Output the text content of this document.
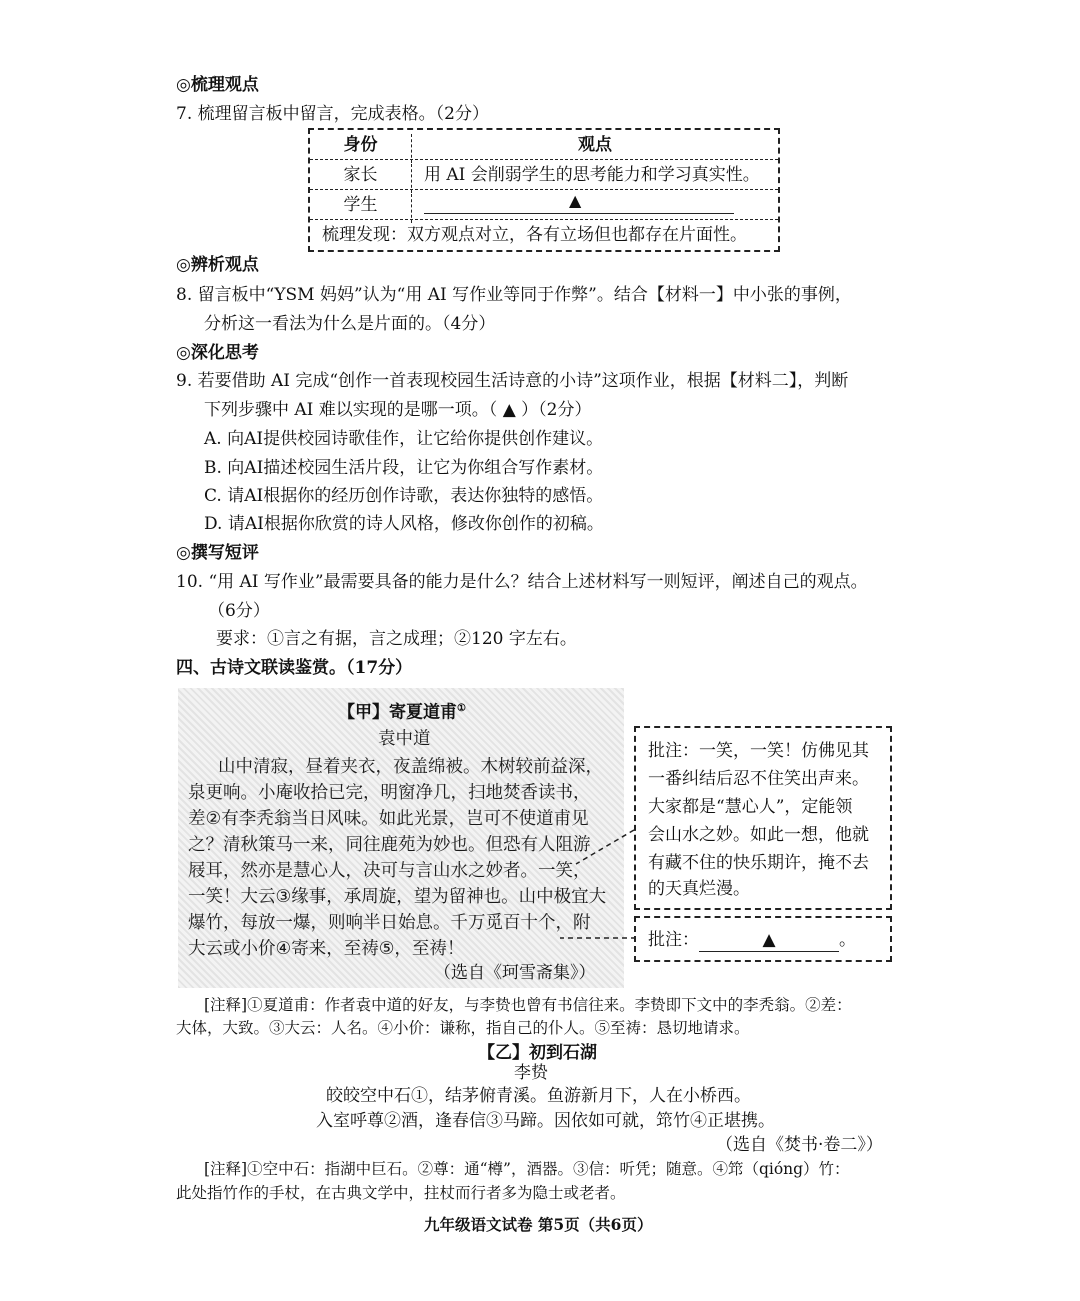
◎梳理观点
7. 梳理留言板中留言，完成表格。（2分）
身份	观点
家长	用 AI 会削弱学生的思考能力和学习真实性。
学生	▲
梳理发现：双方观点对立，各有立场但也都存在片面性。
◎辨析观点
8. 留言板中“YSM 妈妈”认为“用 AI 写作业等同于作弊”。结合【材料一】中小张的事例，
分析这一看法为什么是片面的。（4分）
◎深化思考
9. 若要借助 AI 完成“创作一首表现校园生活诗意的小诗”这项作业，根据【材料二】，判断
下列步骤中 AI 难以实现的是哪一项。（ ▲ ）（2分）
A. 向AI提供校园诗歌佳作，让它给你提供创作建议。
B. 向AI描述校园生活片段，让它为你组合写作素材。
C. 请AI根据你的经历创作诗歌，表达你独特的感悟。
D. 请AI根据你欣赏的诗人风格，修改你创作的初稿。
◎撰写短评
10. “用 AI 写作业”最需要具备的能力是什么？结合上述材料写一则短评，阐述自己的观点。
（6分）
要求：①言之有据，言之成理；②120 字左右。
四、古诗文联读鉴赏。（17分）
【甲】寄夏道甫①
袁中道
山中清寂，昼着夹衣，夜盖绵被。木树较前益深，
泉更响。小庵收拾已完，明窗净几，扫地焚香读书，
差②有李秃翁当日风味。如此光景，岂可不使道甫见
之？清秋策马一来，同往鹿苑为妙也。但恐有人阻游
屐耳，然亦是慧心人，决可与言山水之妙者。一笑，
一笑！大云③缘事，承周旋，望为留神也。山中极宜大
爆竹，每放一爆，则响半日始息。千万觅百十个，附
大云或小价④寄来，至祷⑤，至祷！
（选自《珂雪斋集》）
批注：一笑，一笑！仿佛见其
一番纠结后忍不住笑出声来。
大家都是“慧心人”，定能领
会山水之妙。如此一想，他就
有藏不住的快乐期许，掩不去
的天真烂漫。
批注：	▲	。
[注释]①夏道甫：作者袁中道的好友，与李贽也曾有书信往来。李贽即下文中的李秃翁。②差：
大体，大致。③大云：人名。④小价：谦称，指自己的仆人。⑤至祷：恳切地请求。
【乙】初到石湖
李贽
皎皎空中石①，结茅俯青溪。鱼游新月下，人在小桥西。
入室呼尊②酒，逢春信③马蹄。因依如可就，筇竹④正堪携。
（选自《焚书·卷二》）
[注释]①空中石：指湖中巨石。②尊：通“樽”，酒器。③信：听凭；随意。④筇（qióng）竹：
此处指竹作的手杖，在古典文学中，拄杖而行者多为隐士或老者。
九年级语文试卷 第5页（共6页）
